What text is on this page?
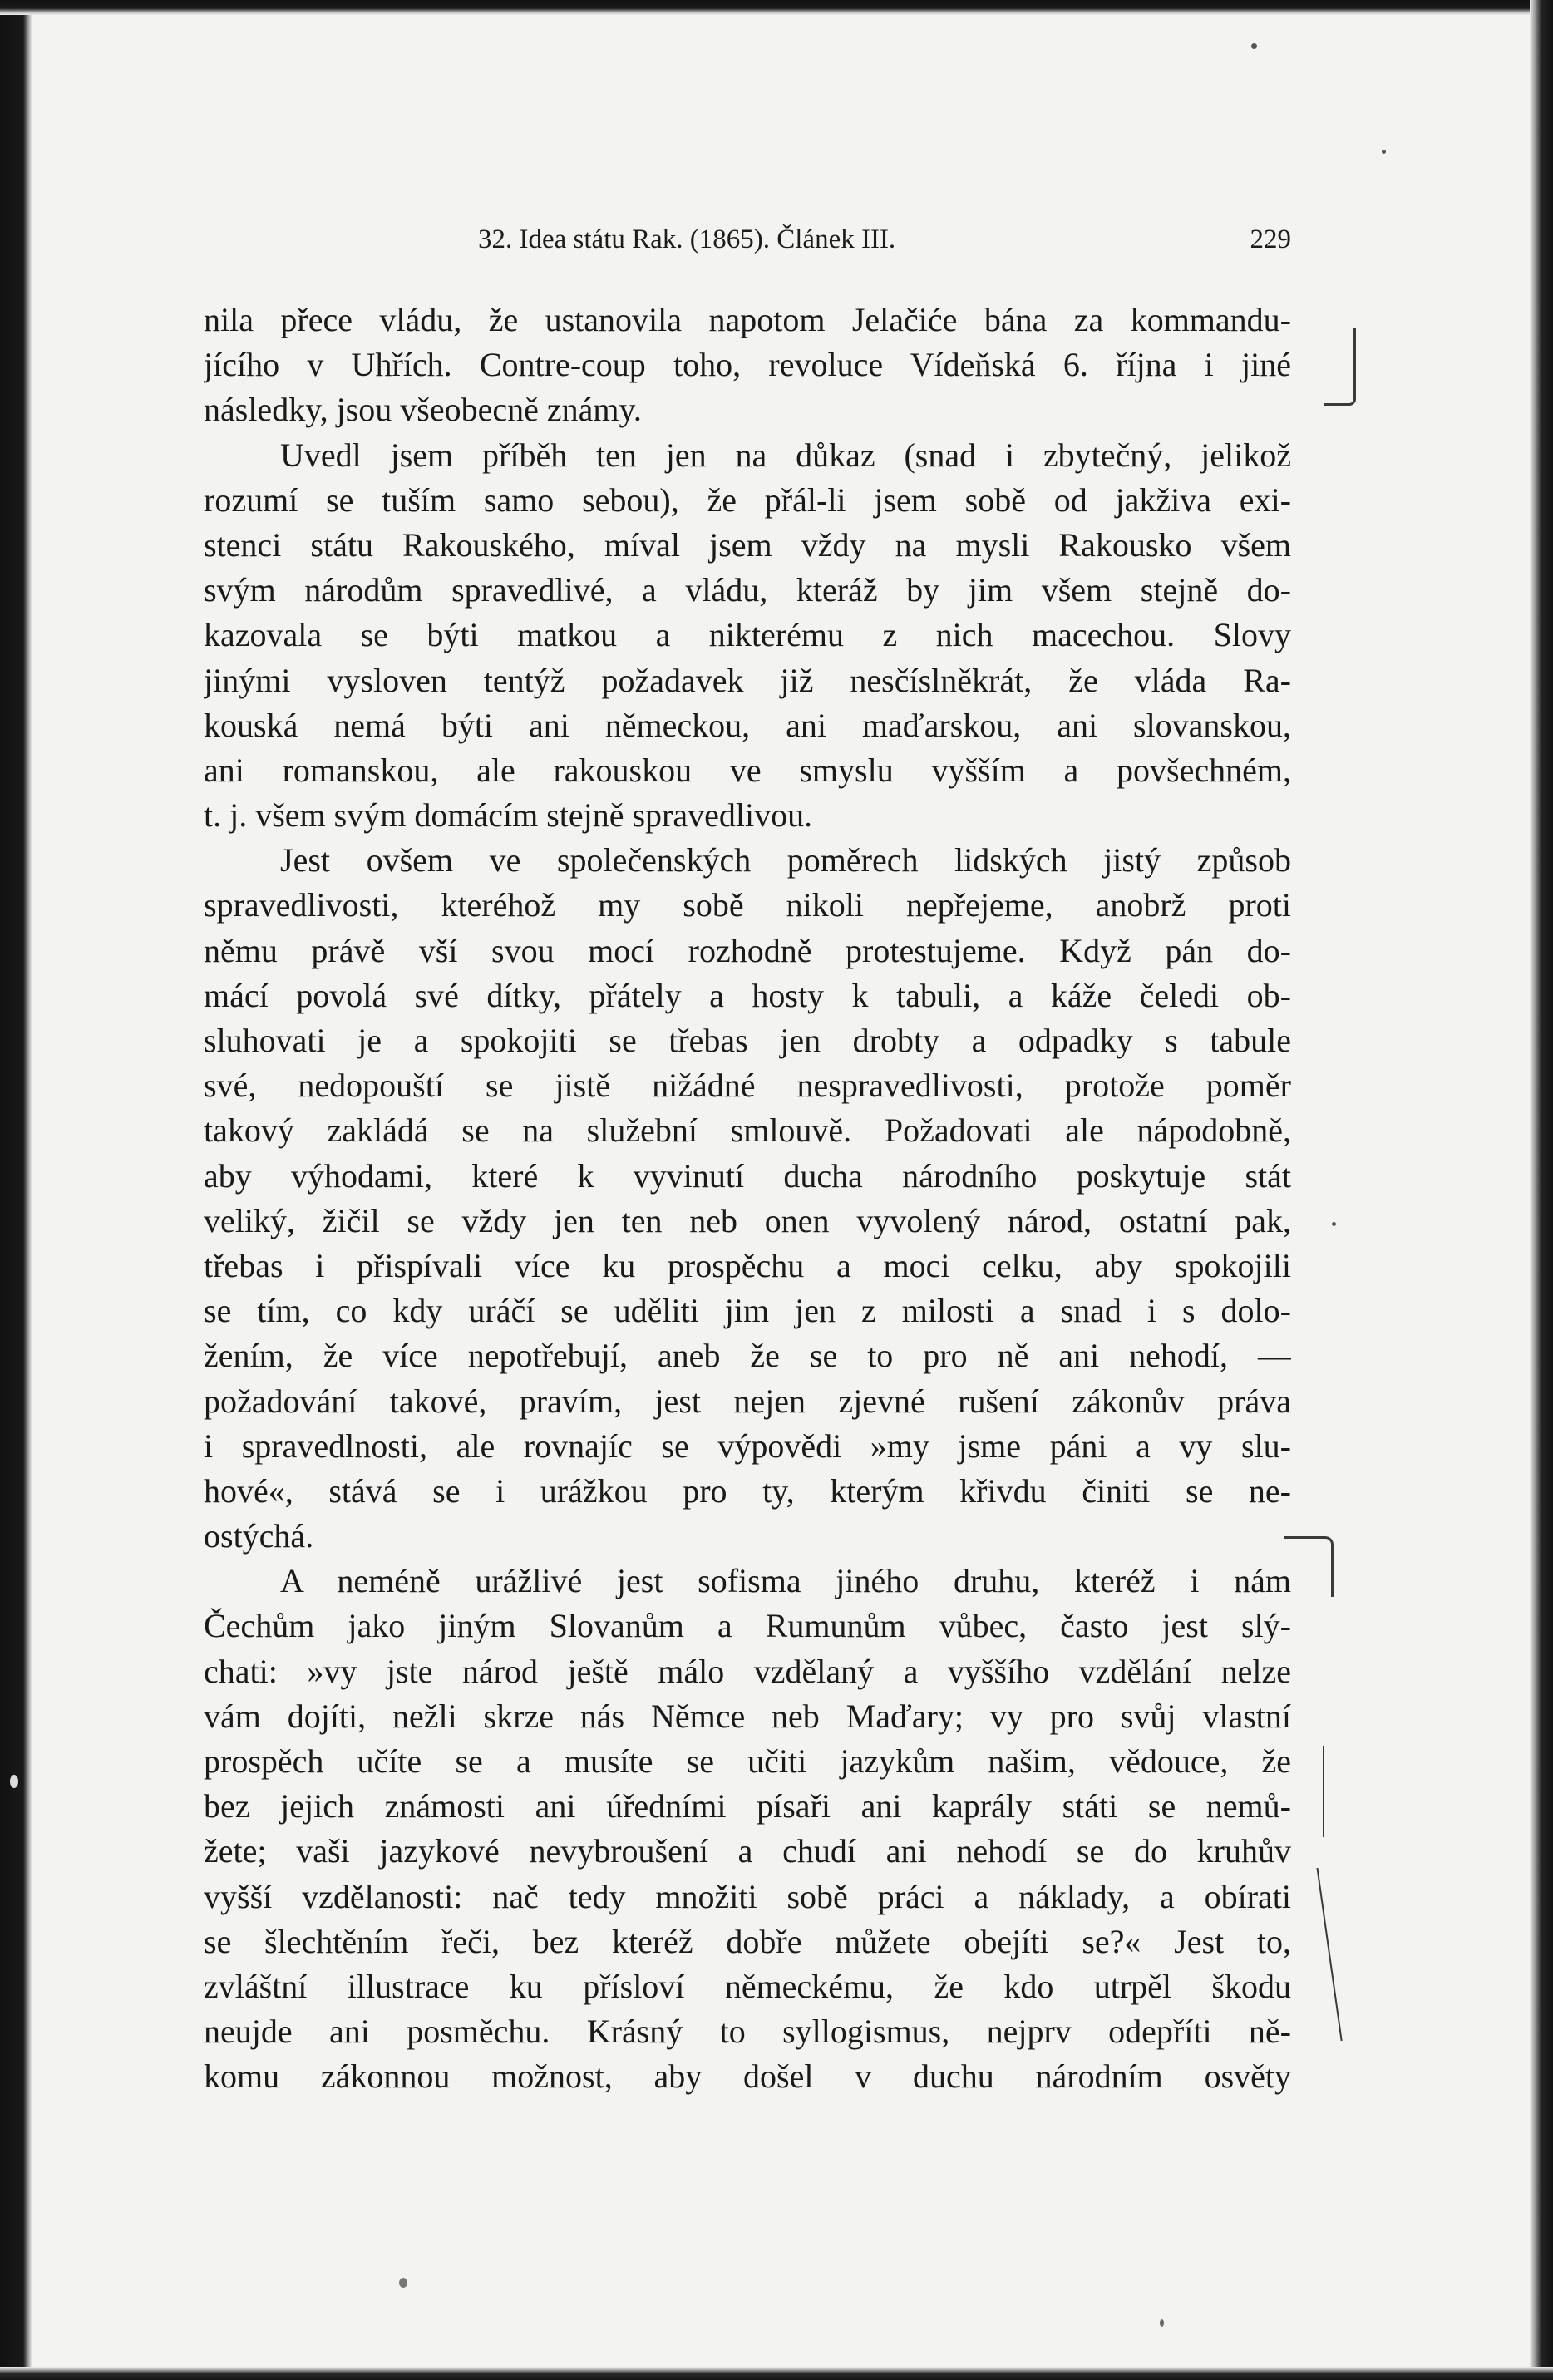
32. Idea státu Rak. (1865). Článek III.	229
nila přece vládu, že ustanovila napotom Jelačiće bána za kommandu-
jícího v Uhřích. Contre-coup toho, revoluce Vídeňská 6. října i jiné
následky, jsou všeobecně známy.
Uvedl jsem příběh ten jen na důkaz (snad i zbytečný, jelikož
rozumí se tuším samo sebou), že přál-li jsem sobě od jakživa exi-
stenci státu Rakouského, míval jsem vždy na mysli Rakousko všem
svým národům spravedlivé, a vládu, kteráž by jim všem stejně do-
kazovala se býti matkou a nikterému z nich macechou. Slovy
jinými vysloven tentýž požadavek již nesčíslněkrát, že vláda Ra-
kouská nemá býti ani německou, ani maďarskou, ani slovanskou,
ani romanskou, ale rakouskou ve smyslu vyšším a povšechném,
t. j. všem svým domácím stejně spravedlivou.
Jest ovšem ve společenských poměrech lidských jistý způsob
spravedlivosti, kteréhož my sobě nikoli nepřejeme, anobrž proti
němu právě vší svou mocí rozhodně protestujeme. Když pán do-
mácí povolá své dítky, přátely a hosty k tabuli, a káže čeledi ob-
sluhovati je a spokojiti se třebas jen drobty a odpadky s tabule
své, nedopouští se jistě nižádné nespravedlivosti, protože poměr
takový zakládá se na služební smlouvě. Požadovati ale nápodobně,
aby výhodami, které k vyvinutí ducha národního poskytuje stát
veliký, žičil se vždy jen ten neb onen vyvolený národ, ostatní pak,
třebas i přispívali více ku prospěchu a moci celku, aby spokojili
se tím, co kdy uráčí se uděliti jim jen z milosti a snad i s dolo-
žením, že více nepotřebují, aneb že se to pro ně ani nehodí, —
požadování takové, pravím, jest nejen zjevné rušení zákonův práva
i spravedlnosti, ale rovnajíc se výpovědi »my jsme páni a vy slu-
hové«, stává se i urážkou pro ty, kterým křivdu činiti se ne-
ostýchá.
A neméně urážlivé jest sofisma jiného druhu, kteréž i nám
Čechům jako jiným Slovanům a Rumunům vůbec, často jest slý-
chati: »vy jste národ ještě málo vzdělaný a vyššího vzdělání nelze
vám dojíti, nežli skrze nás Němce neb Maďary; vy pro svůj vlastní
prospěch učíte se a musíte se učiti jazykům našim, vědouce, že
bez jejich známosti ani úředními písaři ani kaprály státi se nemů-
žete; vaši jazykové nevybroušení a chudí ani nehodí se do kruhův
vyšší vzdělanosti: nač tedy množiti sobě práci a náklady, a obírati
se šlechtěním řeči, bez kteréž dobře můžete obejíti se?« Jest to,
zvláštní illustrace ku přísloví německému, že kdo utrpěl škodu
neujde ani posměchu. Krásný to syllogismus, nejprv odepříti ně-
komu zákonnou možnost, aby došel v duchu národním osvěty
